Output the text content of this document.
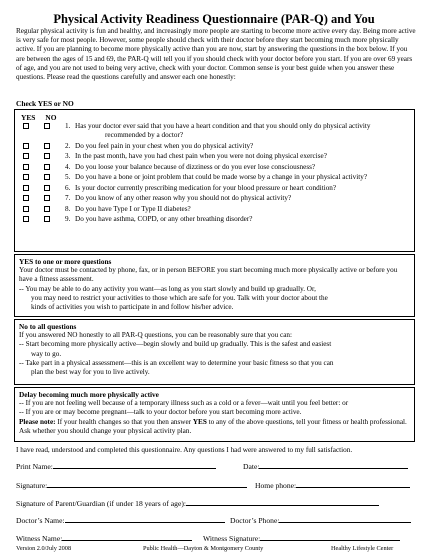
Physical Activity Readiness Questionnaire (PAR-Q) and You
Regular physical activity is fun and healthy, and increasingly more people are starting to become more active every day. Being more active is very safe for most people. However, some people should check with their doctor before they start becoming much more physically active. If you are planning to become more physically active than you are now, start by answering the questions in the box below. If you are between the ages of 15 and 69, the PAR-Q will tell you if you should check with your doctor before you start. If you are over 69 years of age, and you are not used to being very active, check with your doctor. Common sense is your best guide when you answer these questions. Please read the questions carefully and answer each one honestly:
Check YES or NO
YES NO
1. Has your doctor ever said that you have a heart condition and that you should only do physical activity
recommended by a doctor?
2. Do you feel pain in your chest when you do physical activity?
3. In the past month, have you had chest pain when you were not doing physical exercise?
4. Do you loose your balance because of dizziness or do you ever lose consciousness?
5. Do you have a bone or joint problem that could be made worse by a change in your physical activity?
6. Is your doctor currently prescribing medication for your blood pressure or heart condition?
7. Do you know of any other reason why you should not do physical activity?
8. Do you have Type I or Type II diabetes?
9. Do you have asthma, COPD, or any other breathing disorder?
YES to one or more questions
Your doctor must be contacted by phone, fax, or in person BEFORE you start becoming much more physically active or before you have a fitness assessment.
-- You may be able to do any activity you want—as long as you start slowly and build up gradually. Or,
you may need to restrict your activities to those which are safe for you. Talk with your doctor about the
kinds of activities you wish to participate in and follow his/her advice.
No to all questions
If you answered NO honestly to all PAR-Q questions, you can be reasonably sure that you can:
-- Start becoming more physically active—begin slowly and build up gradually. This is the safest and easiest
way to go.
-- Take part in a physical assessment—this is an excellent way to determine your basic fitness so that you can
plan the best way for you to live actively.
Delay becoming much more physically active
-- If you are not feeling well because of a temporary illness such as a cold or a fever—wait until you feel better: or
-- If you are or may become pregnant—talk to your doctor before you start becoming more active.
Please note: If your health changes so that you then answer YES to any of the above questions, tell your fitness or health professional. Ask whether you should change your physical activity plan.
I have read, understood and completed this questionnaire. Any questions I had were answered to my full satisfaction.
Print Name:	Date:
Signature:	Home phone:
Signature of Parent/Guardian (if under 18 years of age):
Doctor’s Name:	Doctor’s Phone:
Witness Name:	Witness Signature:
Version 2.0/July 2008	Public Health—Dayton & Montgomery County	Healthy Lifestyle Center
